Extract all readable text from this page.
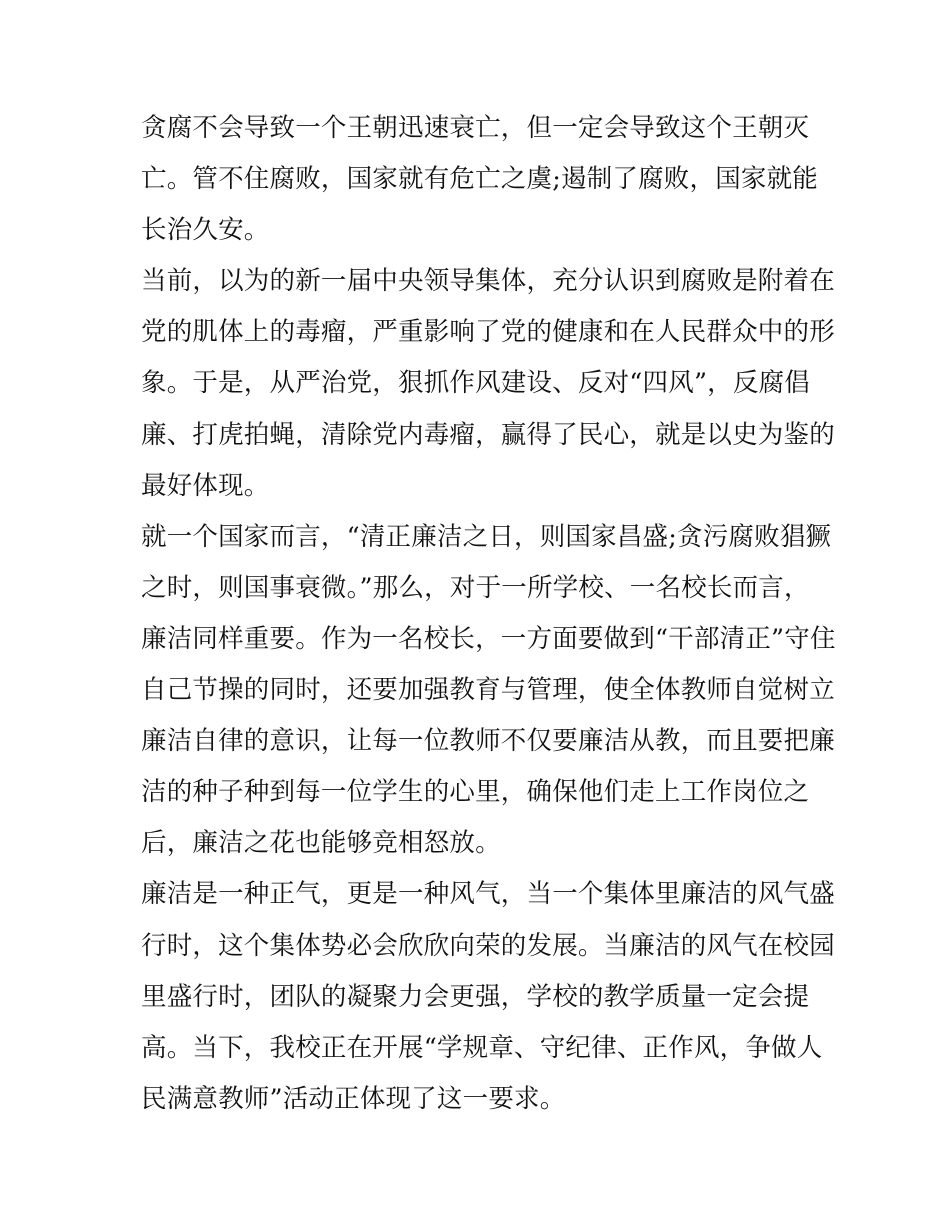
贪腐不会导致一个王朝迅速衰亡，但一定会导致这个王朝灭
亡。管不住腐败，国家就有危亡之虞;遏制了腐败，国家就能
长治久安。
当前，以为的新一届中央领导集体，充分认识到腐败是附着在
党的肌体上的毒瘤，严重影响了党的健康和在人民群众中的形
象。于是，从严治党，狠抓作风建设、反对“四风”，反腐倡
廉、打虎拍蝇，清除党内毒瘤，赢得了民心，就是以史为鉴的
最好体现。
就一个国家而言，“清正廉洁之日，则国家昌盛;贪污腐败猖獗
之时，则国事衰微。”那么，对于一所学校、一名校长而言，
廉洁同样重要。作为一名校长，一方面要做到“干部清正”守住
自己节操的同时，还要加强教育与管理，使全体教师自觉树立
廉洁自律的意识，让每一位教师不仅要廉洁从教，而且要把廉
洁的种子种到每一位学生的心里，确保他们走上工作岗位之
后，廉洁之花也能够竞相怒放。
廉洁是一种正气，更是一种风气，当一个集体里廉洁的风气盛
行时，这个集体势必会欣欣向荣的发展。当廉洁的风气在校园
里盛行时，团队的凝聚力会更强，学校的教学质量一定会提
高。当下，我校正在开展“学规章、守纪律、正作风，争做人
民满意教师”活动正体现了这一要求。
